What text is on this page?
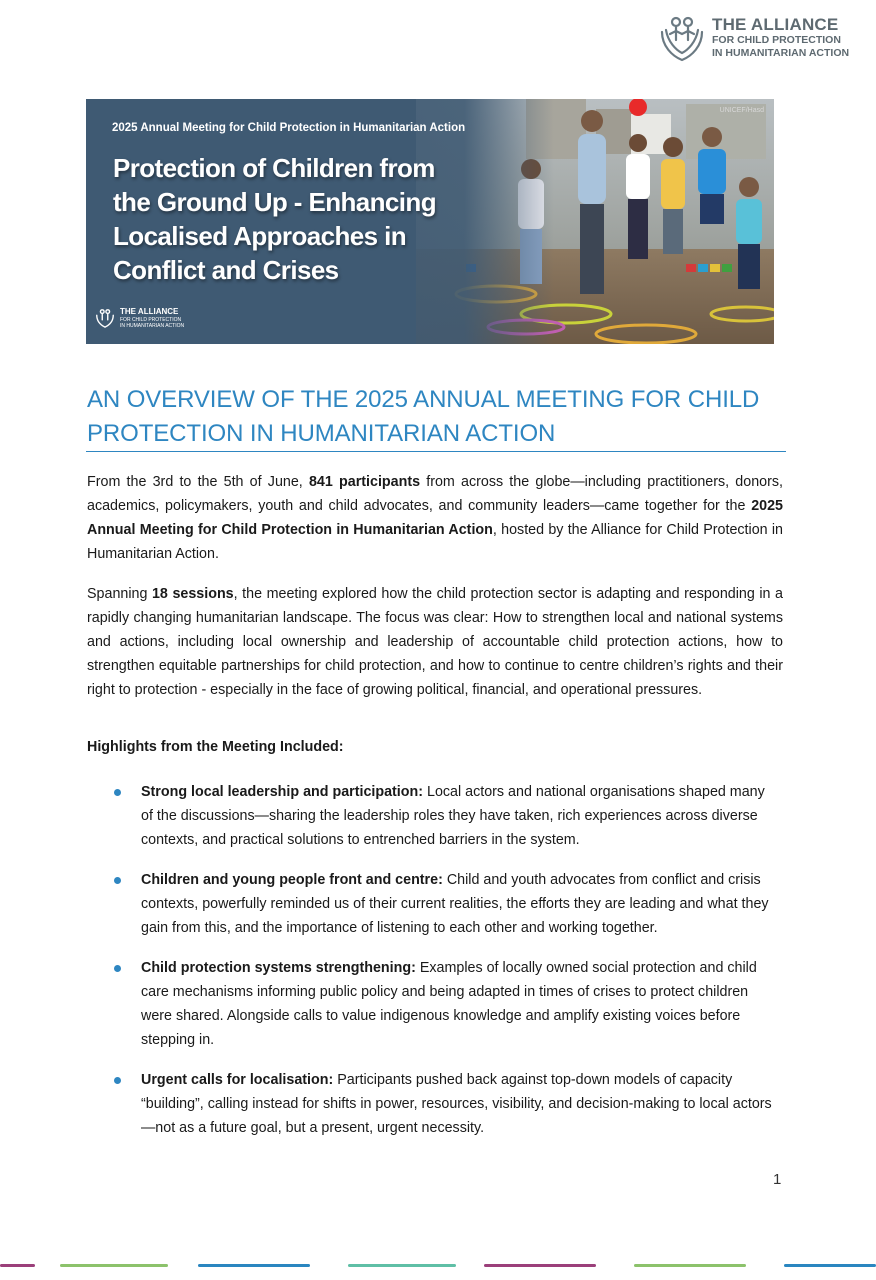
THE ALLIANCE
FOR CHILD PROTECTION
IN HUMANITARIAN ACTION
UNICEF/Hasd
2025 Annual Meeting for Child Protection in Humanitarian Action
Protection of Children from the Ground Up - Enhancing Localised Approaches in Conflict and Crises
THE ALLIANCE
FOR CHILD PROTECTION
IN HUMANITARIAN ACTION
AN OVERVIEW OF THE 2025 ANNUAL MEETING FOR CHILD PROTECTION IN HUMANITARIAN ACTION
From the 3rd to the 5th of June, 841 participants from across the globe—including practitioners, donors, academics, policymakers, youth and child advocates, and community leaders—came together for the 2025 Annual Meeting for Child Protection in Humanitarian Action, hosted by the Alliance for Child Protection in Humanitarian Action.
Spanning 18 sessions, the meeting explored how the child protection sector is adapting and responding in a rapidly changing humanitarian landscape. The focus was clear: How to strengthen local and national systems and actions, including local ownership and leadership of accountable child protection actions, how to strengthen equitable partnerships for child protection, and how to continue to centre children’s rights and their right to protection - especially in the face of growing political, financial, and operational pressures.
Highlights from the Meeting Included:
Strong local leadership and participation: Local actors and national organisations shaped many of the discussions—sharing the leadership roles they have taken, rich experiences across diverse contexts, and practical solutions to entrenched barriers in the system.
Children and young people front and centre: Child and youth advocates from conflict and crisis contexts, powerfully reminded us of their current realities, the efforts they are leading and what they gain from this, and the importance of listening to each other and working together.
Child protection systems strengthening: Examples of locally owned social protection and child care mechanisms informing public policy and being adapted in times of crises to protect children were shared. Alongside calls to value indigenous knowledge and amplify existing voices before stepping in.
Urgent calls for localisation: Participants pushed back against top-down models of capacity “building”, calling instead for shifts in power, resources, visibility, and decision-making to local actors—not as a future goal, but a present, urgent necessity.
1
